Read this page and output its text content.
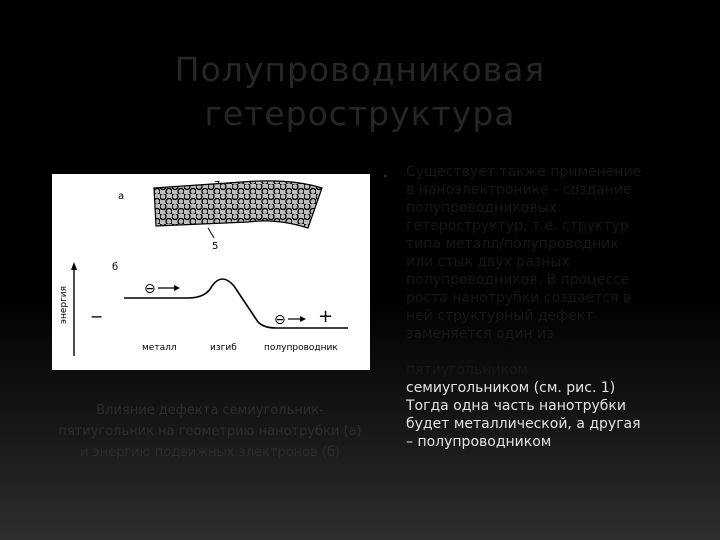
Полупроводниковая
гетероструктура
а
5
б
энергия −	+
⊖
⊖
металл	изгиб	полупроводник
Влияние дефекта семиугольник-
пятиугольник на геометрию нанотрубки (а)
и энергию подвижных электронов (б)
• Существует также применение
в наноэлектронике - создание
полупроводниковых
гетероструктур, т.е. структур
типа металл/полупроводник
или стык двух разных
полупроводников. В процессе
роста нанотрубки создается в
ней структурный дефект
заменяется один из

пятиугольником
семиугольником (см. рис. 1)
Тогда одна часть нанотрубки
будет металлической, а другая
– полупроводником
